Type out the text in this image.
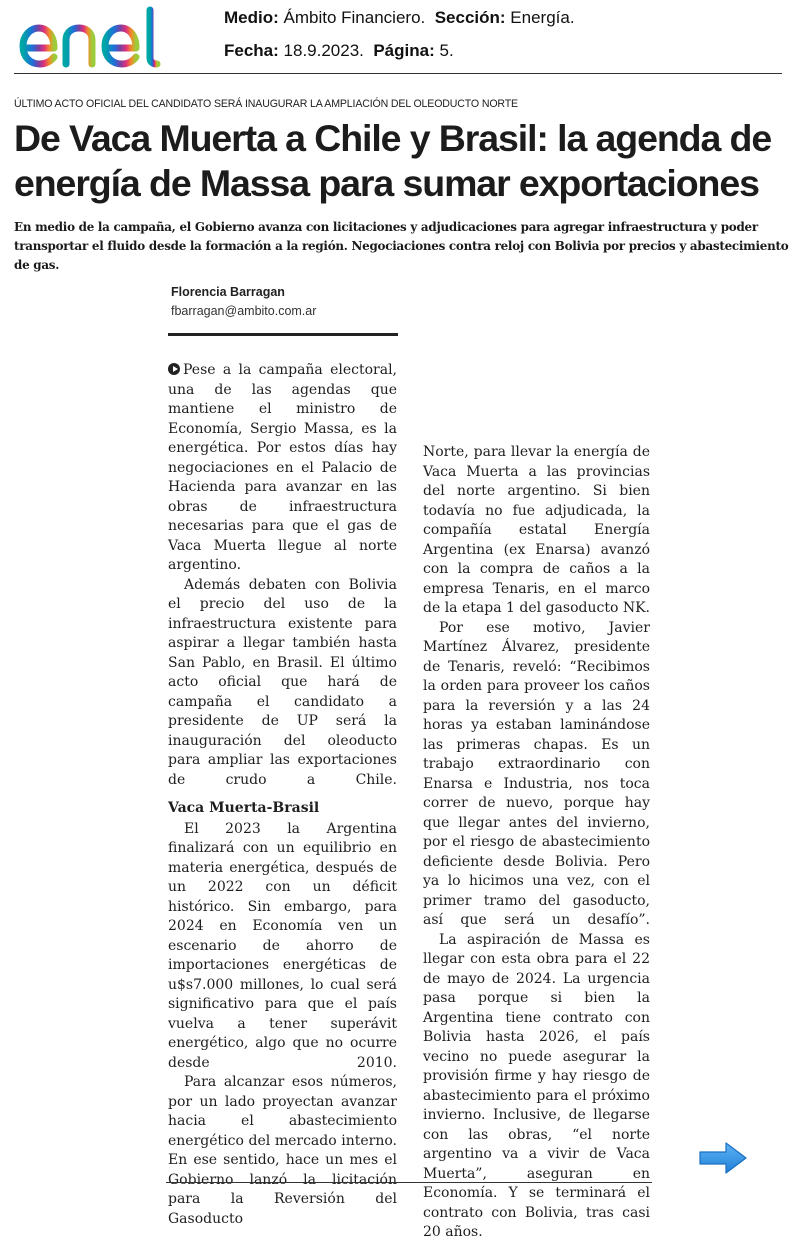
Medio: Ámbito Financiero. Sección: Energía.
Fecha: 18.9.2023. Página: 5.
ÚLTIMO ACTO OFICIAL DEL CANDIDATO SERÁ INAUGURAR LA AMPLIACIÓN DEL OLEODUCTO NORTE
De Vaca Muerta a Chile y Brasil: la agenda de energía de Massa para sumar exportaciones

En medio de la campaña, el Gobierno avanza con licitaciones y adjudicaciones para agregar infraestructura y poder transportar el fluido desde la formación a la región. Negociaciones contra reloj con Bolivia por precios y abastecimiento de gas.

Florencia Barragan
fbarragan@ambito.com.ar

Pese a la campaña electoral, una de las agendas que mantiene el ministro de Economía, Sergio Massa, es la energética. Por estos días hay negociaciones en el Palacio de Hacienda para avanzar en las obras de infraestructura necesarias para que el gas de Vaca Muerta llegue al norte argentino.

Además debaten con Bolivia el precio del uso de la infraestructura existente para aspirar a llegar también hasta San Pablo, en Brasil. El último acto oficial que hará de campaña el candidato a presidente de UP será la inauguración del oleoducto para ampliar las exportaciones de crudo a Chile.

Vaca Muerta-Brasil

El 2023 la Argentina finalizará con un equilibrio en materia energética, después de un 2022 con un déficit histórico. Sin embargo, para 2024 en Economía ven un escenario de ahorro de importaciones energéticas de u$s7.000 millones, lo cual será significativo para que el país vuelva a tener superávit energético, algo que no ocurre desde 2010.

Para alcanzar esos números, por un lado proyectan avanzar hacia el abastecimiento energético del mercado interno. En ese sentido, hace un mes el Gobierno lanzó la licitación para la Reversión del Gasoducto

Norte, para llevar la energía de Vaca Muerta a las provincias del norte argentino. Si bien todavía no fue adjudicada, la compañía estatal Energía Argentina (ex Enarsa) avanzó con la compra de caños a la empresa Tenaris, en el marco de la etapa 1 del gasoducto NK.

Por ese motivo, Javier Martínez Álvarez, presidente de Tenaris, reveló: “Recibimos la orden para proveer los caños para la reversión y a las 24 horas ya estaban laminándose las primeras chapas. Es un trabajo extraordinario con Enarsa e Industria, nos toca correr de nuevo, porque hay que llegar antes del invierno, por el riesgo de abastecimiento deficiente desde Bolivia. Pero ya lo hicimos una vez, con el primer tramo del gasoducto, así que será un desafío”.

La aspiración de Massa es llegar con esta obra para el 22 de mayo de 2024. La urgencia pasa porque si bien la Argentina tiene contrato con Bolivia hasta 2026, el país vecino no puede asegurar la provisión firme y hay riesgo de abastecimiento para el próximo invierno. Inclusive, de llegarse con las obras, “el norte argentino va a vivir de Vaca Muerta”, aseguran en Economía. Y se terminará el contrato con Bolivia, tras casi 20 años.
